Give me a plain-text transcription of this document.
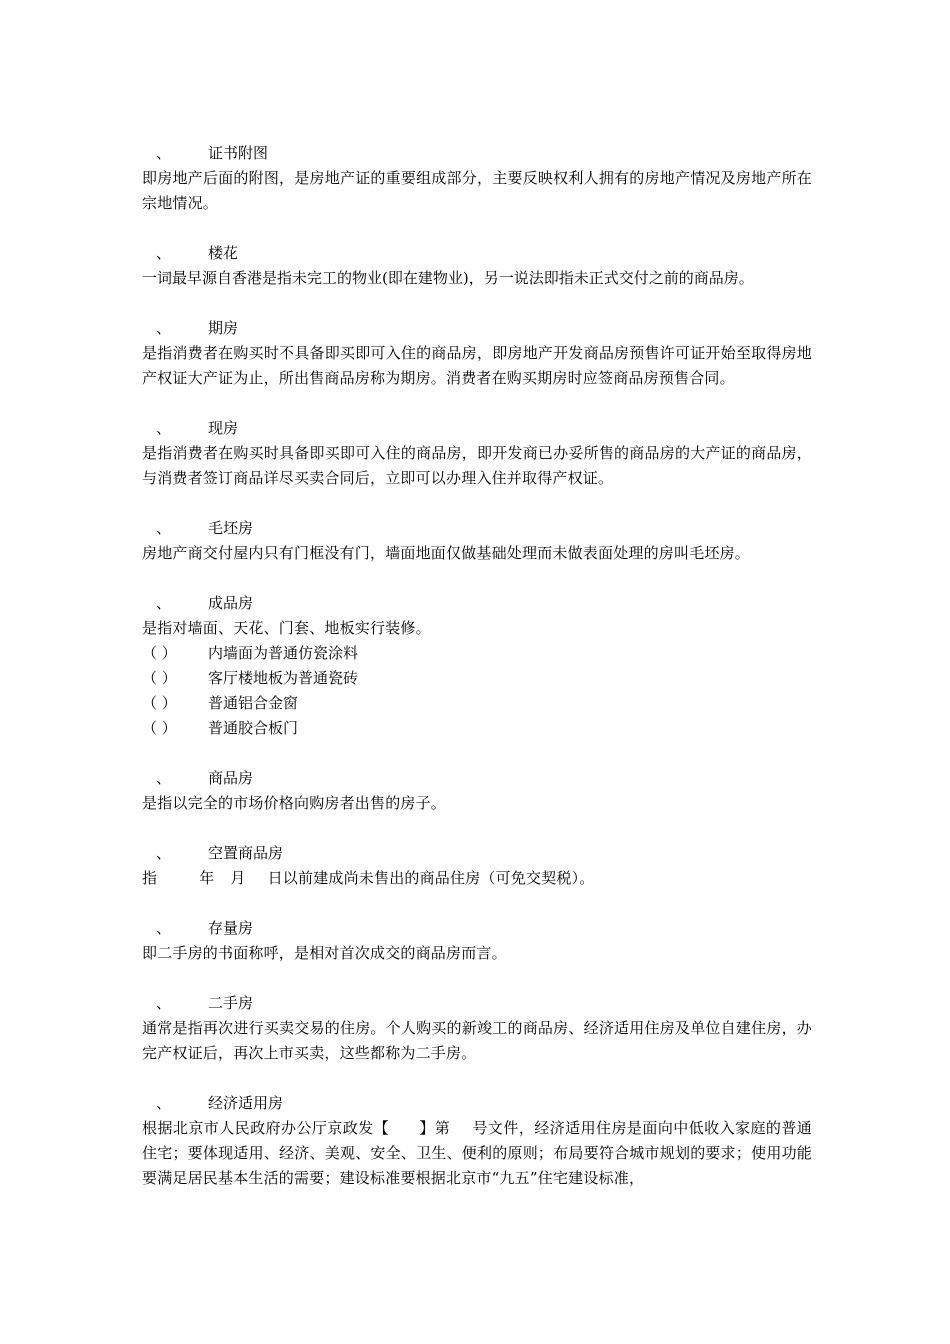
、 证书附图

即房地产后面的附图，是房地产证的重要组成部分，主要反映权利人拥有的房地产情况及房地产所在宗地情况。

、 楼花

一词最早源自香港是指未完工的物业(即在建物业)，另一说法即指未正式交付之前的商品房。

、 期房

是指消费者在购买时不具备即买即可入住的商品房，即房地产开发商品房预售许可证开始至取得房地产权证大产证为止，所出售商品房称为期房。消费者在购买期房时应签商品房预售合同。

、 现房

是指消费者在购买时具备即买即可入住的商品房，即开发商已办妥所售的商品房的大产证的商品房，与消费者签订商品详尽买卖合同后，立即可以办理入住并取得产权证。

、 毛坯房

房地产商交付屋内只有门框没有门，墙面地面仅做基础处理而未做表面处理的房叫毛坯房。

、 成品房

是指对墙面、天花、门套、地板实行装修。

（ ） 内墙面为普通仿瓷涂料
（ ） 客厅楼地板为普通瓷砖
（ ） 普通铝合金窗
（ ） 普通胶合板门
、 商品房

是指以完全的市场价格向购房者出售的房子。

、 空置商品房

指	年 月 日以前建成尚未售出的商品住房（可免交契税）。

、 存量房

即二手房的书面称呼，是相对首次成交的商品房而言。

、 二手房

通常是指再次进行买卖交易的住房。个人购买的新竣工的商品房、经济适用住房及单位自建住房，办完产权证后，再次上市买卖，这些都称为二手房。

、 经济适用房

根据北京市人民政府办公厅京政发【 】第 号文件，经济适用住房是面向中低收入家庭的普通住宅；要体现适用、经济、美观、安全、卫生、便利的原则；布局要符合城市规划的要求；使用功能要满足居民基本生活的需要；建设标准要根据北京市“九五”住宅建设标准，
